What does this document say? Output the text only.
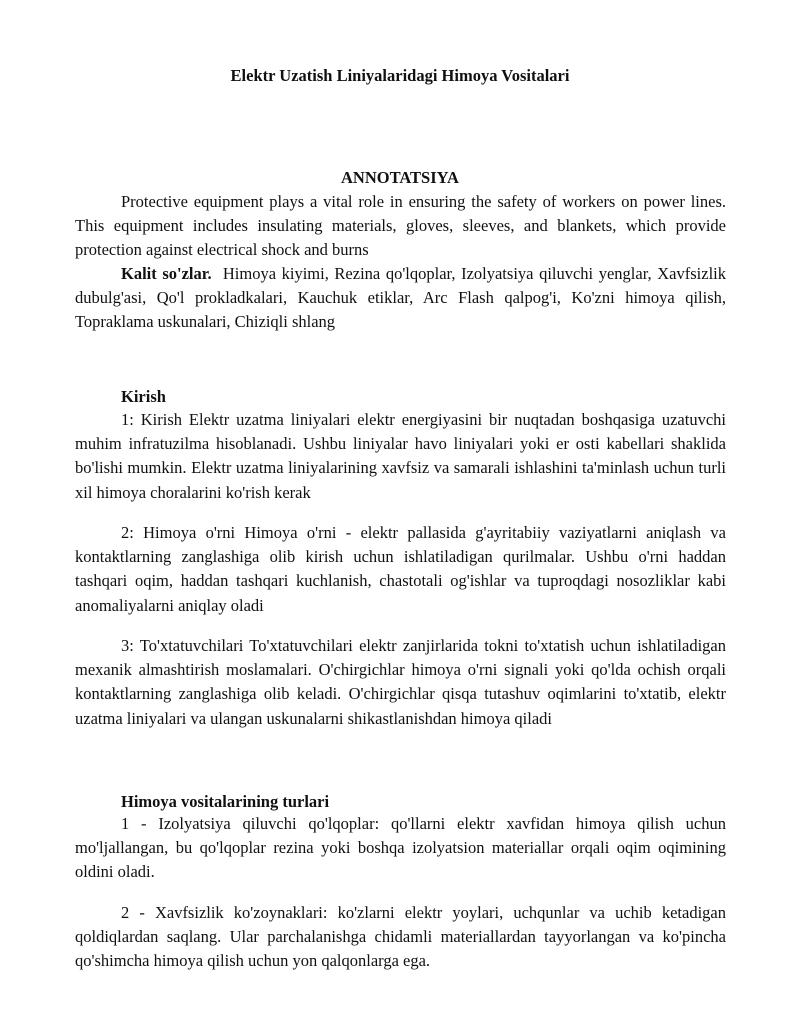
Elektr Uzatish Liniyalaridagi Himoya Vositalari
ANNOTATSIYA

Protective equipment plays a vital role in ensuring the safety of workers on power lines. This equipment includes insulating materials, gloves, sleeves, and blankets, which provide protection against electrical shock and burns

Kalit so'zlar. Himoya kiyimi, Rezina qo'lqoplar, Izolyatsiya qiluvchi yenglar, Xavfsizlik dubulg'asi, Qo'l prokladkalari, Kauchuk etiklar, Arc Flash qalpog'i, Ko'zni himoya qilish, Topraklama uskunalari, Chiziqli shlang

Kirish

1: Kirish Elektr uzatma liniyalari elektr energiyasini bir nuqtadan boshqasiga uzatuvchi muhim infratuzilma hisoblanadi. Ushbu liniyalar havo liniyalari yoki er osti kabellari shaklida bo'lishi mumkin. Elektr uzatma liniyalarining xavfsiz va samarali ishlashini ta'minlash uchun turli xil himoya choralarini ko'rish kerak

2: Himoya o'rni Himoya o'rni - elektr pallasida g'ayritabiiy vaziyatlarni aniqlash va kontaktlarning zanglashiga olib kirish uchun ishlatiladigan qurilmalar. Ushbu o'rni haddan tashqari oqim, haddan tashqari kuchlanish, chastotali og'ishlar va tuproqdagi nosozliklar kabi anomaliyalarni aniqlay oladi

3: To'xtatuvchilari To'xtatuvchilari elektr zanjirlarida tokni to'xtatish uchun ishlatiladigan mexanik almashtirish moslamalari. O'chirgichlar himoya o'rni signali yoki qo'lda ochish orqali kontaktlarning zanglashiga olib keladi. O'chirgichlar qisqa tutashuv oqimlarini to'xtatib, elektr uzatma liniyalari va ulangan uskunalarni shikastlanishdan himoya qiladi

Himoya vositalarining turlari

1 - Izolyatsiya qiluvchi qo'lqoplar: qo'llarni elektr xavfidan himoya qilish uchun mo'ljallangan, bu qo'lqoplar rezina yoki boshqa izolyatsion materiallar orqali oqim oqimining oldini oladi.

2 - Xavfsizlik ko'zoynaklari: ko'zlarni elektr yoylari, uchqunlar va uchib ketadigan qoldiqlardan saqlang. Ular parchalanishga chidamli materiallardan tayyorlangan va ko'pincha qo'shimcha himoya qilish uchun yon qalqonlarga ega.
